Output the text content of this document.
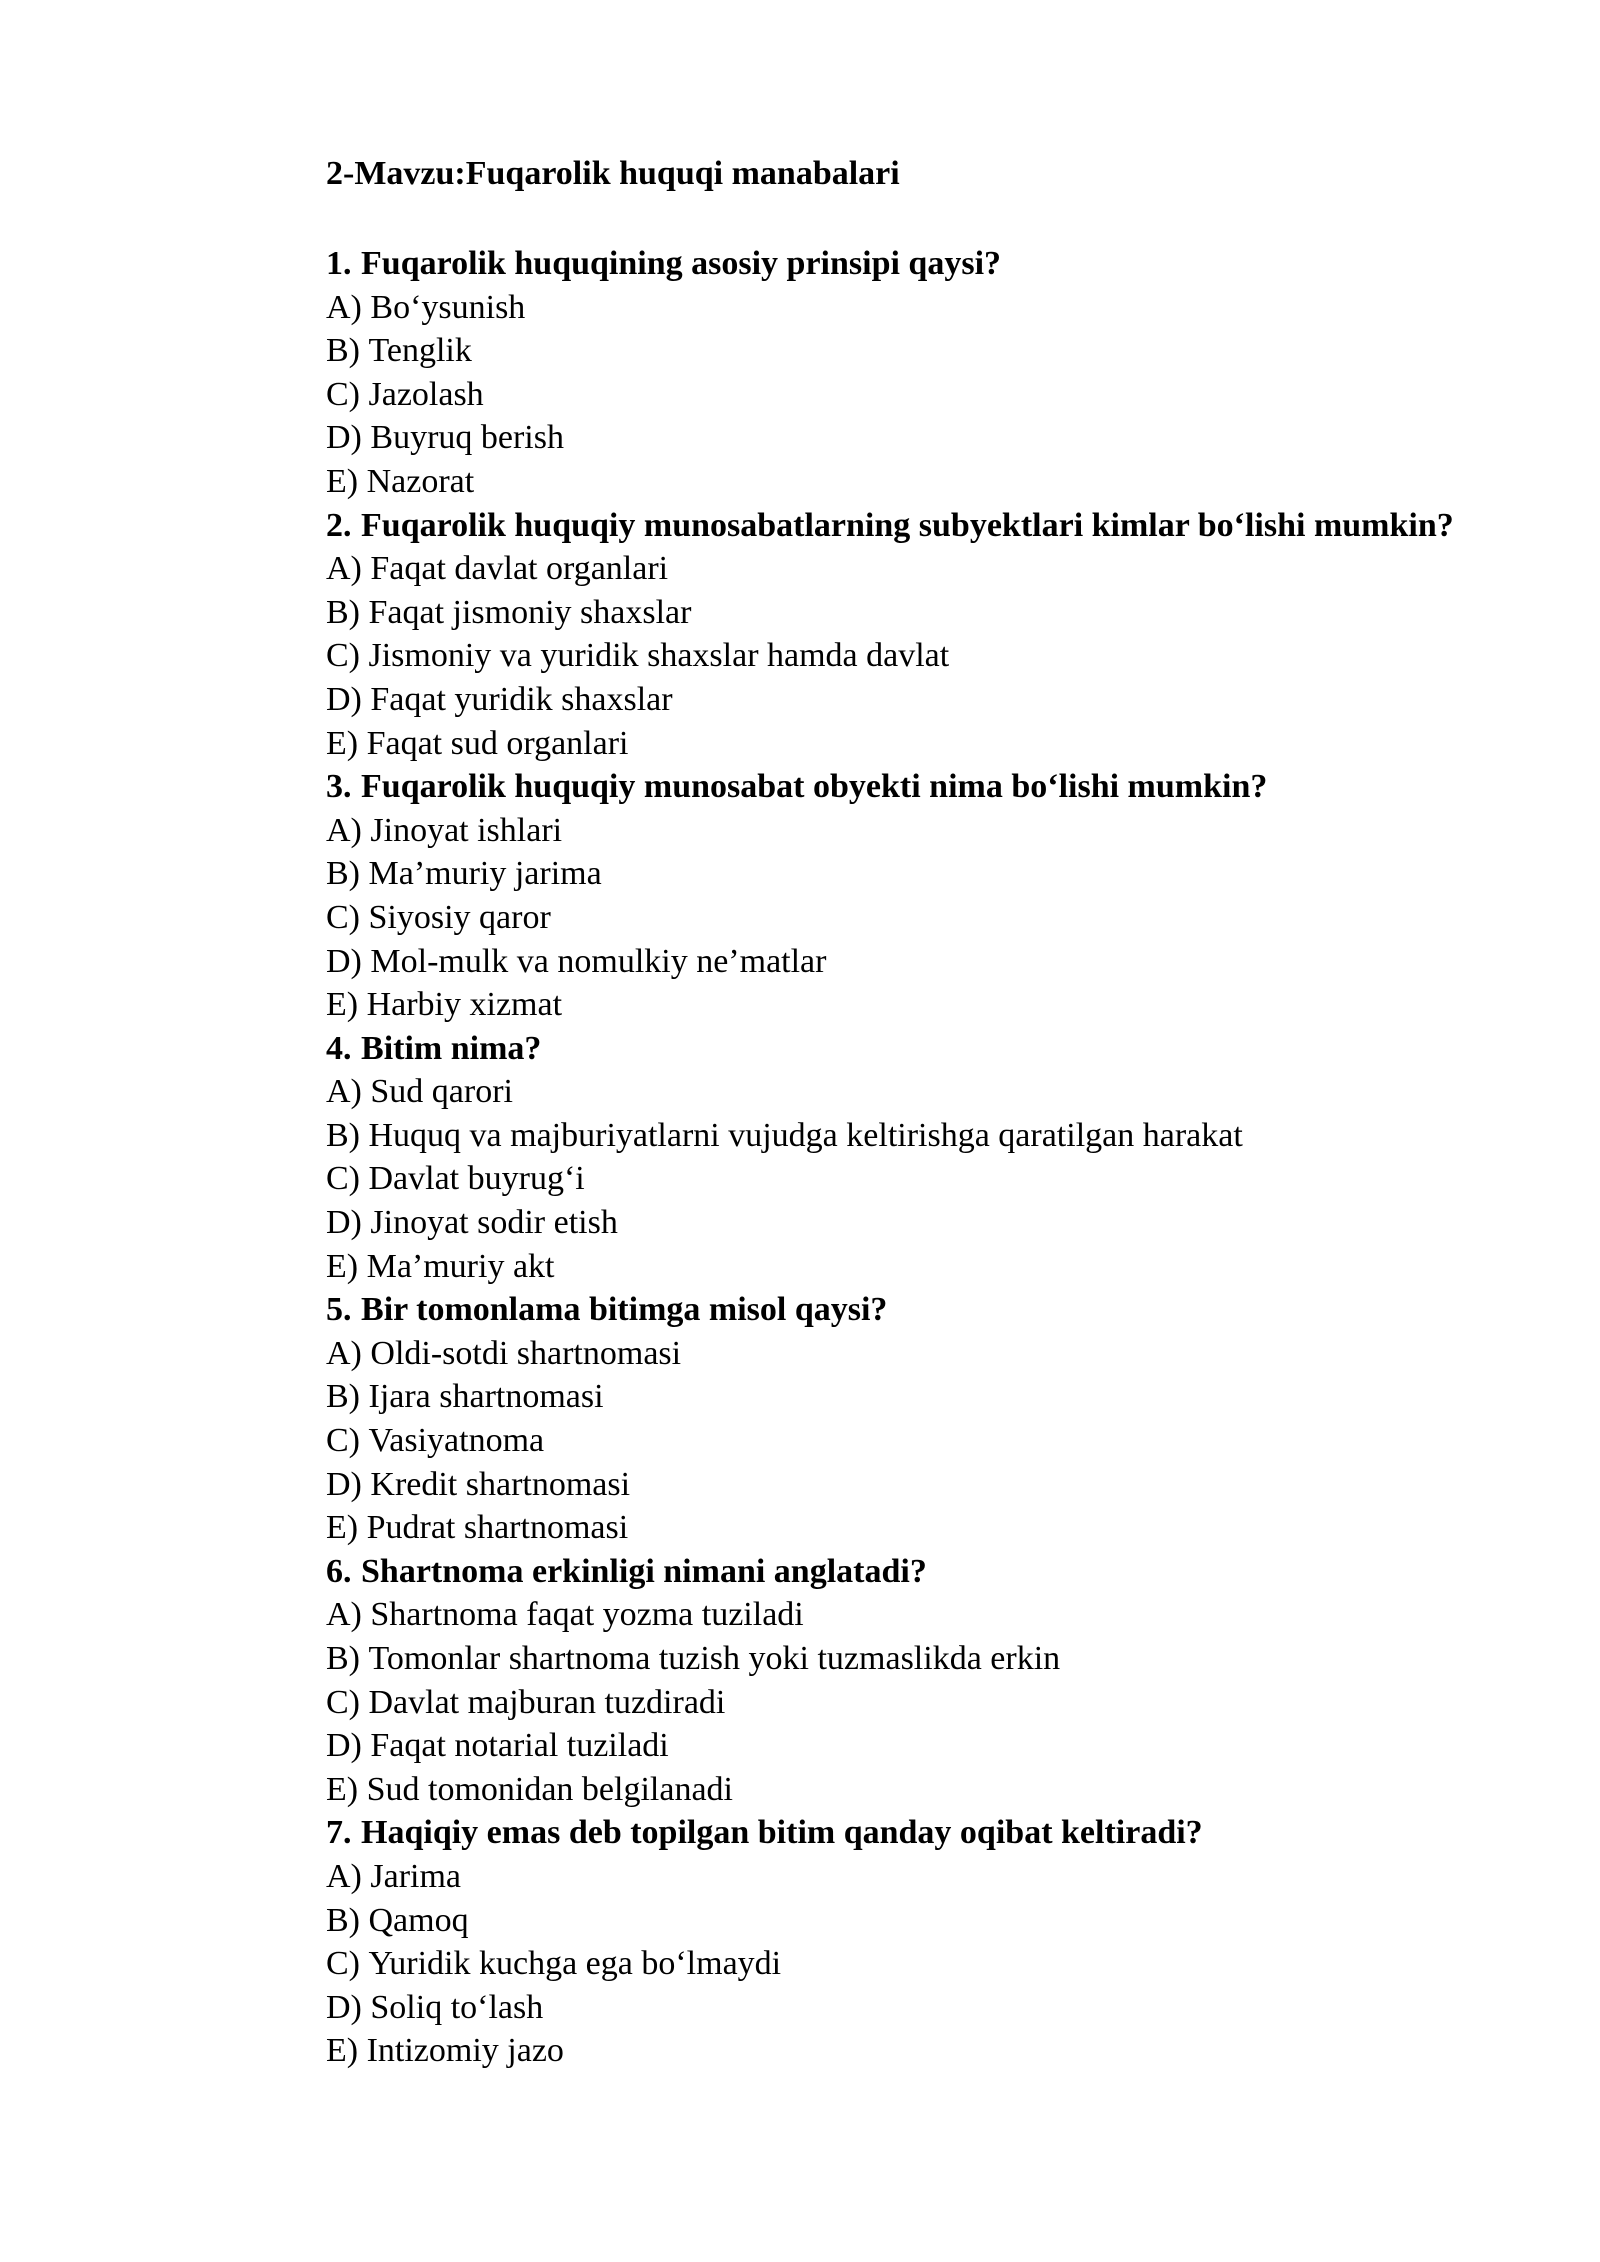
2-Mavzu:Fuqarolik huquqi manabalari

1. Fuqarolik huquqining asosiy prinsipi qaysi?

A) Bo‘ysunish

B) Tenglik

C) Jazolash

D) Buyruq berish

E) Nazorat

2. Fuqarolik huquqiy munosabatlarning subyektlari kimlar bo‘lishi mumkin?

A) Faqat davlat organlari

B) Faqat jismoniy shaxslar

C) Jismoniy va yuridik shaxslar hamda davlat

D) Faqat yuridik shaxslar

E) Faqat sud organlari

3. Fuqarolik huquqiy munosabat obyekti nima bo‘lishi mumkin?

A) Jinoyat ishlari

B) Ma’muriy jarima

C) Siyosiy qaror

D) Mol-mulk va nomulkiy ne’matlar

E) Harbiy xizmat

4. Bitim nima?

A) Sud qarori

B) Huquq va majburiyatlarni vujudga keltirishga qaratilgan harakat

C) Davlat buyrug‘i

D) Jinoyat sodir etish

E) Ma’muriy akt

5. Bir tomonlama bitimga misol qaysi?

A) Oldi-sotdi shartnomasi

B) Ijara shartnomasi

C) Vasiyatnoma

D) Kredit shartnomasi

E) Pudrat shartnomasi

6. Shartnoma erkinligi nimani anglatadi?

A) Shartnoma faqat yozma tuziladi

B) Tomonlar shartnoma tuzish yoki tuzmaslikda erkin

C) Davlat majburan tuzdiradi

D) Faqat notarial tuziladi

E) Sud tomonidan belgilanadi

7. Haqiqiy emas deb topilgan bitim qanday oqibat keltiradi?

A) Jarima

B) Qamoq

C) Yuridik kuchga ega bo‘lmaydi

D) Soliq to‘lash

E) Intizomiy jazo
